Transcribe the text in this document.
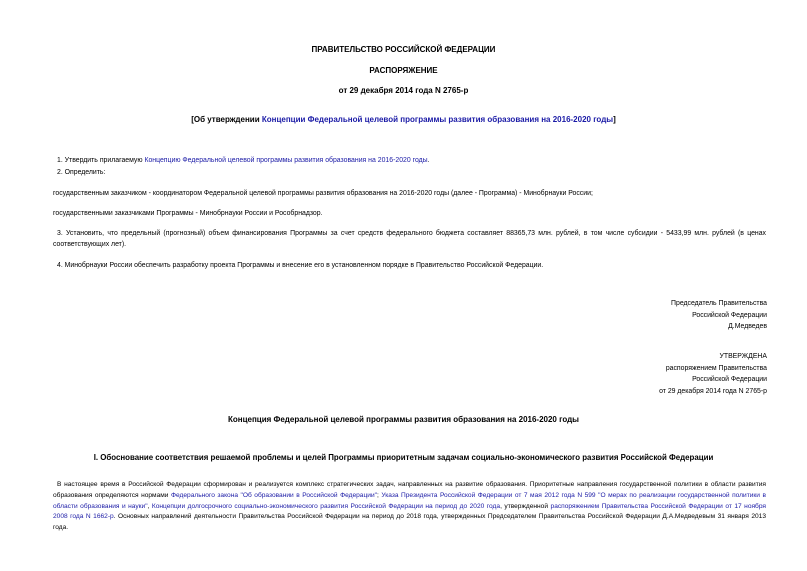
ПРАВИТЕЛЬСТВО РОССИЙСКОЙ ФЕДЕРАЦИИ
РАСПОРЯЖЕНИЕ
от 29 декабря 2014 года N 2765-р
[Об утверждении Концепции Федеральной целевой программы развития образования на 2016-2020 годы]
1. Утвердить прилагаемую Концепцию Федеральной целевой программы развития образования на 2016-2020 годы.
2. Определить:
государственным заказчиком - координатором Федеральной целевой программы развития образования на 2016-2020 годы (далее - Программа) - Минобрнауки России;
государственными заказчиками Программы - Минобрнауки России и Рособрнадзор.
3. Установить, что предельный (прогнозный) объем финансирования Программы за счет средств федерального бюджета составляет 88365,73 млн. рублей, в том числе субсидии - 5433,99 млн. рублей (в ценах соответствующих лет).
4. Минобрнауки России обеспечить разработку проекта Программы и внесение его в установленном порядке в Правительство Российской Федерации.
Председатель Правительства
Российской Федерации
Д.Медведев
УТВЕРЖДЕНА
распоряжением Правительства
Российской Федерации
от 29 декабря 2014 года N 2765-р
Концепция Федеральной целевой программы развития образования на 2016-2020 годы
I. Обоснование соответствия решаемой проблемы и целей Программы приоритетным задачам социально-экономического развития Российской Федерации
В настоящее время в Российской Федерации сформирован и реализуется комплекс стратегических задач, направленных на развитие образования. Приоритетные направления государственной политики в области развития образования определяются нормами Федерального закона "Об образовании в Российской Федерации"; Указа Президента Российской Федерации от 7 мая 2012 года N 599 "О мерах по реализации государственной политики в области образования и науки", Концепции долгосрочного социально-экономического развития Российской Федерации на период до 2020 года, утвержденной распоряжением Правительства Российской Федерации от 17 ноября 2008 года N 1662-р. Основных направлений деятельности Правительства Российской Федерации на период до 2018 года, утвержденных Председателем Правительства Российской Федерации Д.А.Медведевым 31 января 2013 года.
